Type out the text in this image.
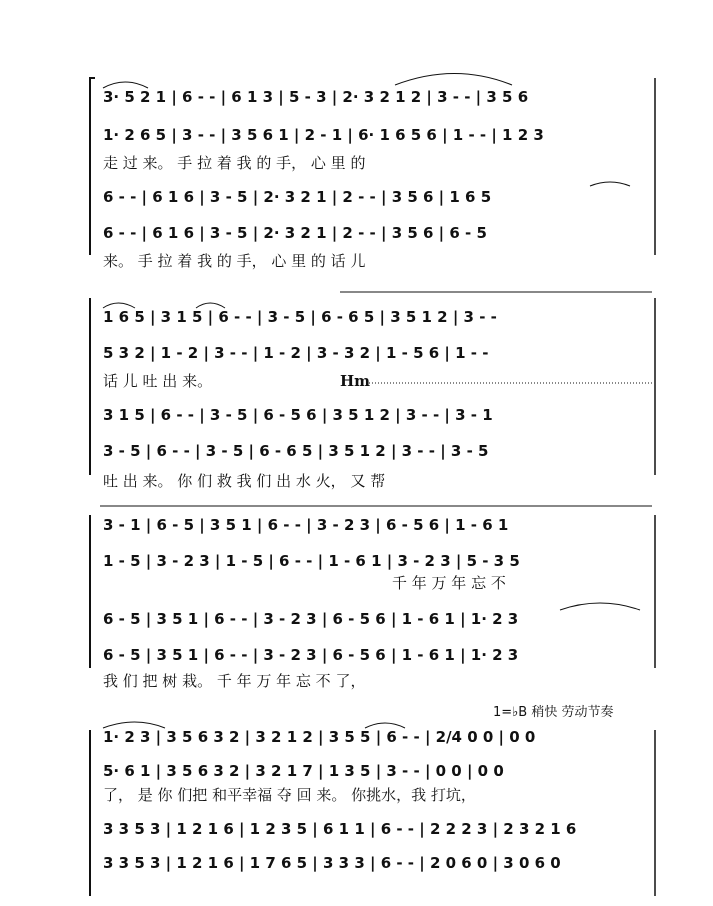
3· 5 2 1 | 6 - - | 6 1 3 | 5 - 3 | 2· 3 2 1 2 | 3 - - | 3 5 6
1· 2 6 5 | 3 - - | 3 5 6 1 | 2 - 1 | 6· 1 6 5 6 | 1 - - | 1 2 3
走 过 来。 手 拉 着 我 的 手， 心 里 的
6 - - | 6 1 6 | 3 - 5 | 2· 3 2 1 | 2 - - | 3 5 6 | 1 6 5
6 - - | 6 1 6 | 3 - 5 | 2· 3 2 1 | 2 - - | 3 5 6 | 6 - 5
来。 手 拉 着 我 的 手， 心 里 的 话 儿
1 6 5 | 3 1 5 | 6 - - | 3 - 5 | 6 - 6 5 | 3 5 1 2 | 3 - -
5 3 2 | 1 - 2 | 3 - - | 1 - 2 | 3 - 3 2 | 1 - 5 6 | 1 - -
话 儿 吐 出 来。	Hm
3 1 5 | 6 - - | 3 - 5 | 6 - 5 6 | 3 5 1 2 | 3 - - | 3 - 1
3 - 5 | 6 - - | 3 - 5 | 6 - 6 5 | 3 5 1 2 | 3 - - | 3 - 5
吐 出 来。 你 们 救 我 们 出 水 火， 又 帮
3 - 1 | 6 - 5 | 3 5 1 | 6 - - | 3 - 2 3 | 6 - 5 6 | 1 - 6 1
1 - 5 | 3 - 2 3 | 1 - 5 | 6 - - | 1 - 6 1 | 3 - 2 3 | 5 - 3 5
千 年 万 年 忘 不
6 - 5 | 3 5 1 | 6 - - | 3 - 2 3 | 6 - 5 6 | 1 - 6 1 | 1· 2 3
6 - 5 | 3 5 1 | 6 - - | 3 - 2 3 | 6 - 5 6 | 1 - 6 1 | 1· 2 3
我 们 把 树 栽。 千 年 万 年 忘 不 了，
1=♭B 稍快 劳动节奏
1· 2 3 | 3 5 6 3 2 | 3 2 1 2 | 3 5 5 | 6 - - | 2/4 0 0 | 0 0
5· 6 1 | 3 5 6 3 2 | 3 2 1 7 | 1 3 5 | 3 - - | 0 0 | 0 0
了， 是 你 们把 和平幸福 夺 回 来。 你挑水，我 打坑，
3 3 5 3 | 1 2 1 6 | 1 2 3 5 | 6 1 1 | 6 - - | 2 2 2 3 | 2 3 2 1 6
3 3 5 3 | 1 2 1 6 | 1 7 6 5 | 3 3 3 | 6 - - | 2 0 6 0 | 3 0 6 0
